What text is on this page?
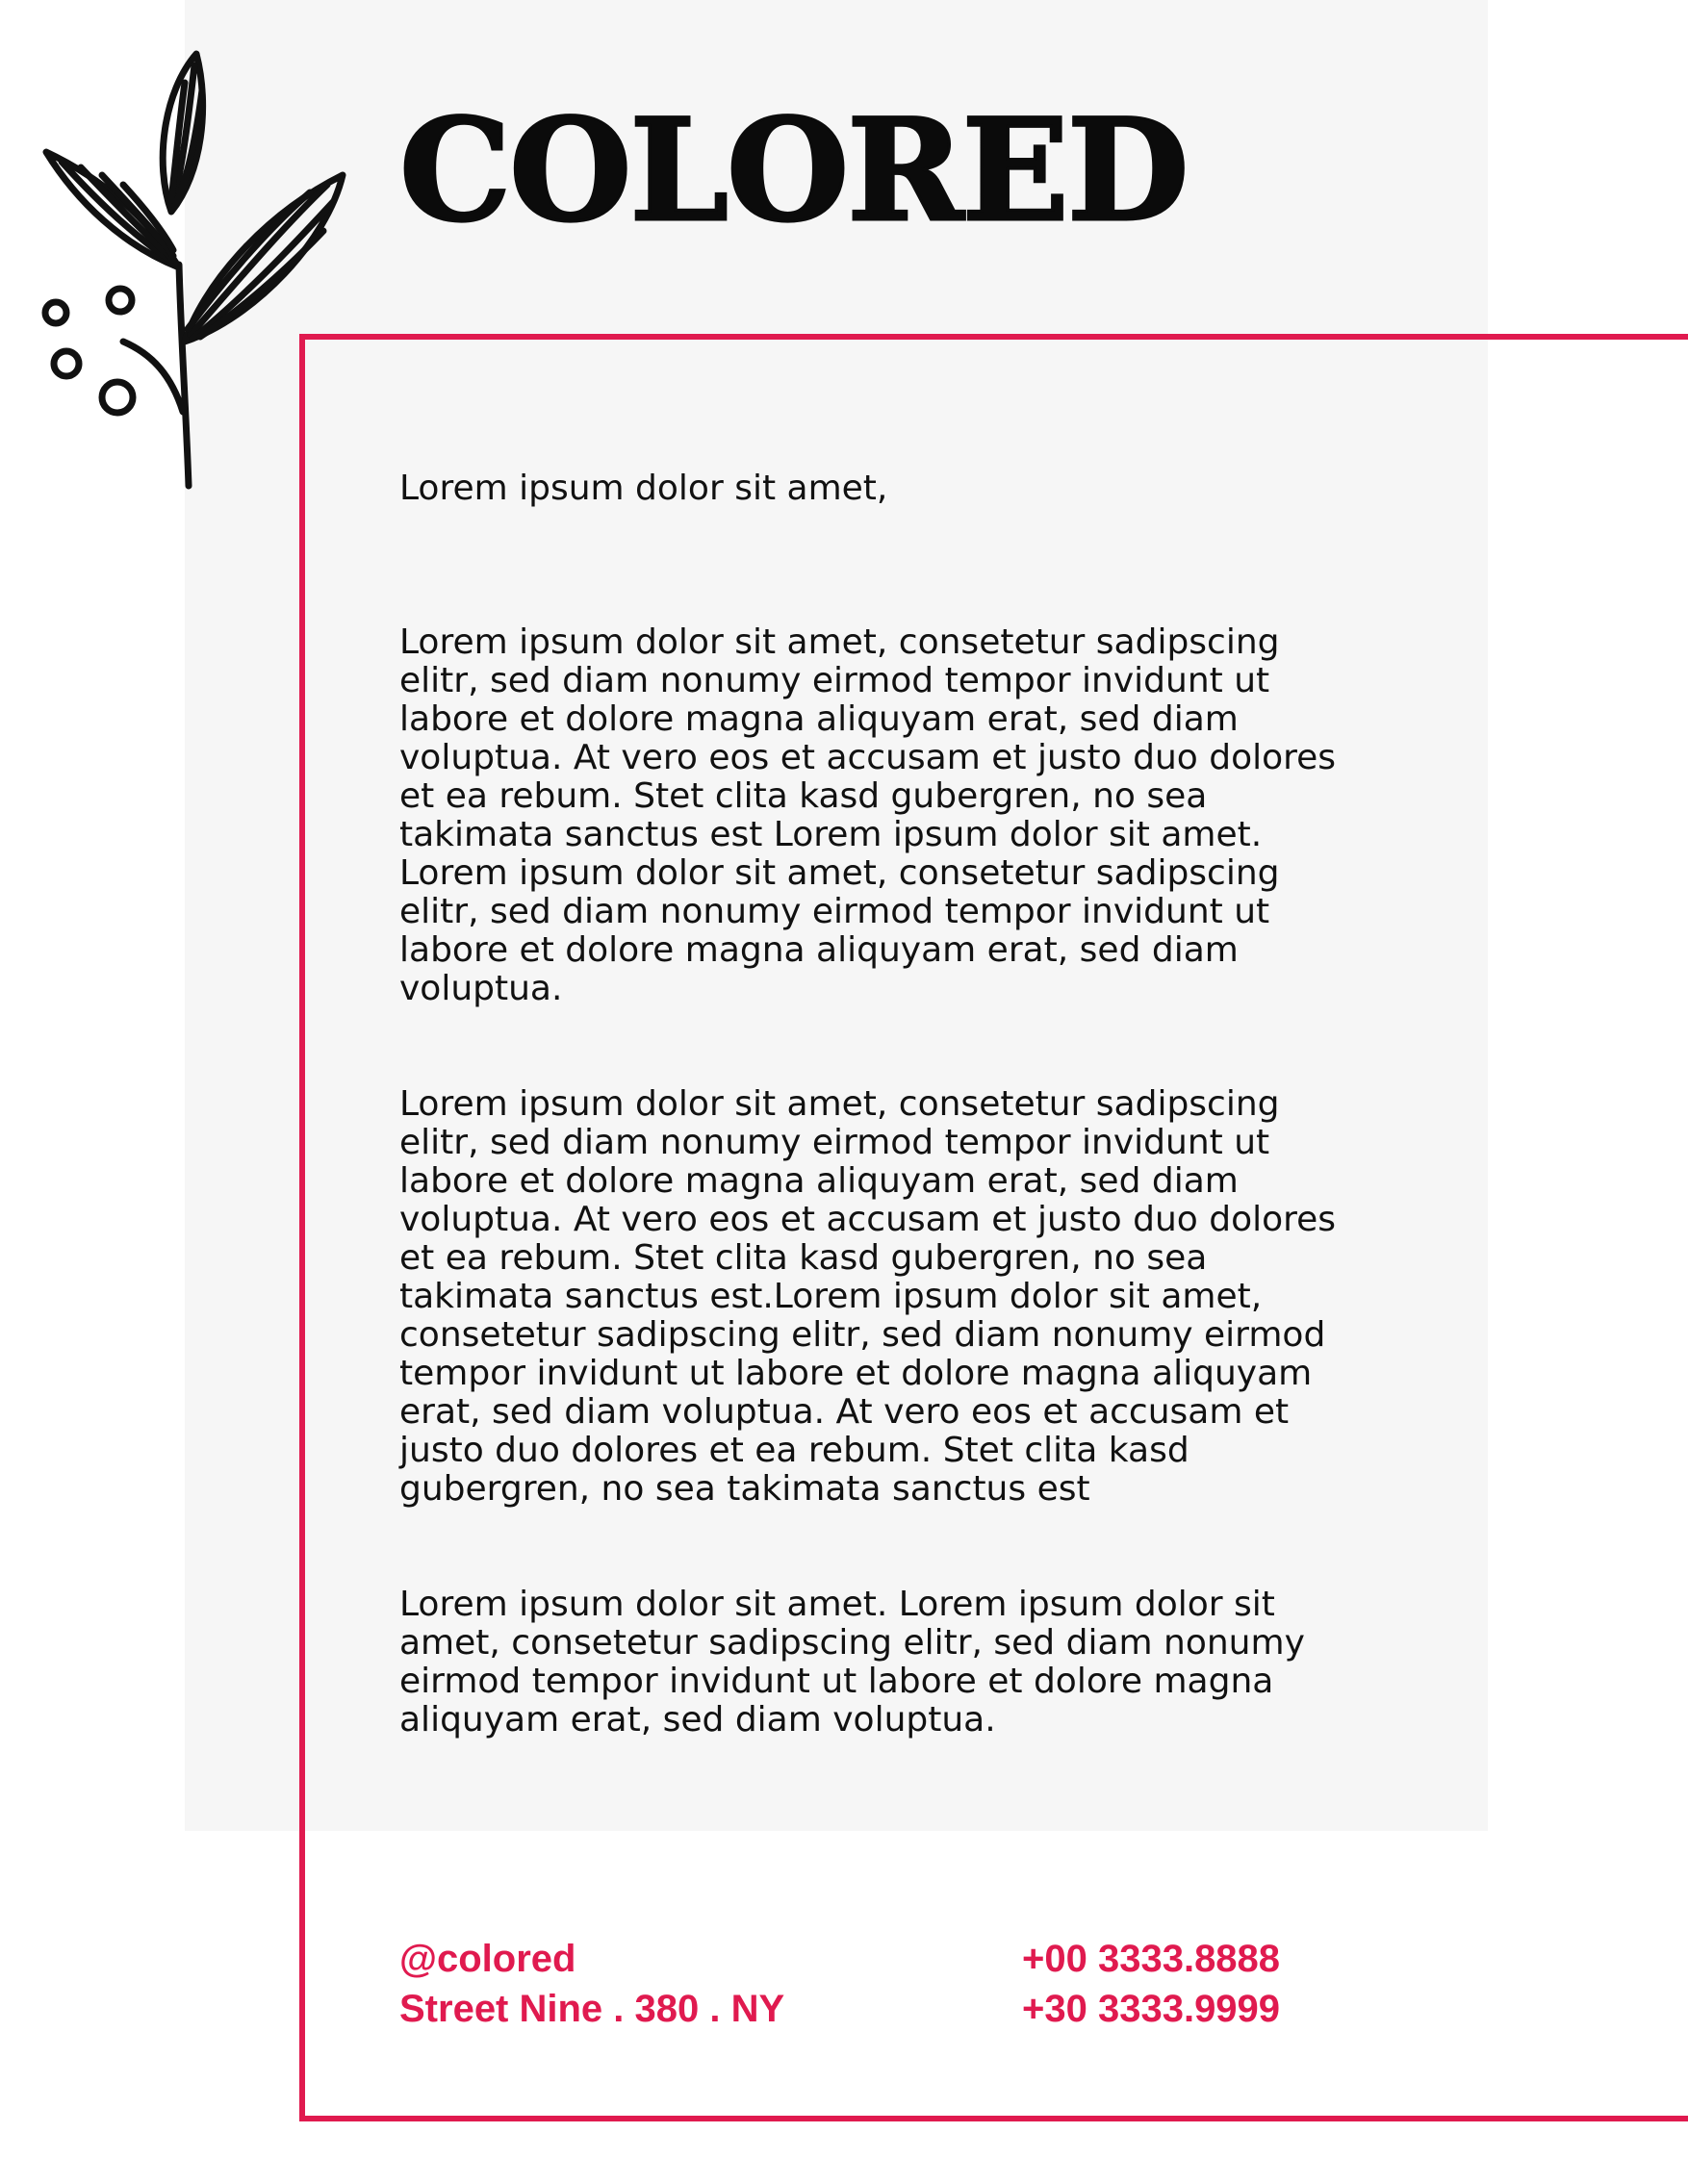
COLORED

Lorem ipsum dolor sit amet,

Lorem ipsum dolor sit amet, consetetur sadipscing
elitr, sed diam nonumy eirmod tempor invidunt ut
labore et dolore magna aliquyam erat, sed diam
voluptua. At vero eos et accusam et justo duo dolores
et ea rebum. Stet clita kasd gubergren, no sea
takimata sanctus est Lorem ipsum dolor sit amet.
Lorem ipsum dolor sit amet, consetetur sadipscing
elitr, sed diam nonumy eirmod tempor invidunt ut
labore et dolore magna aliquyam erat, sed diam
voluptua.

Lorem ipsum dolor sit amet, consetetur sadipscing
elitr, sed diam nonumy eirmod tempor invidunt ut
labore et dolore magna aliquyam erat, sed diam
voluptua. At vero eos et accusam et justo duo dolores
et ea rebum. Stet clita kasd gubergren, no sea
takimata sanctus est.Lorem ipsum dolor sit amet,
consetetur sadipscing elitr, sed diam nonumy eirmod
tempor invidunt ut labore et dolore magna aliquyam
erat, sed diam voluptua. At vero eos et accusam et
justo duo dolores et ea rebum. Stet clita kasd
gubergren, no sea takimata sanctus est

Lorem ipsum dolor sit amet. Lorem ipsum dolor sit
amet, consetetur sadipscing elitr, sed diam nonumy
eirmod tempor invidunt ut labore et dolore magna
aliquyam erat, sed diam voluptua.

@colored
Street Nine . 380 . NY
+00 3333.8888
+30 3333.9999
